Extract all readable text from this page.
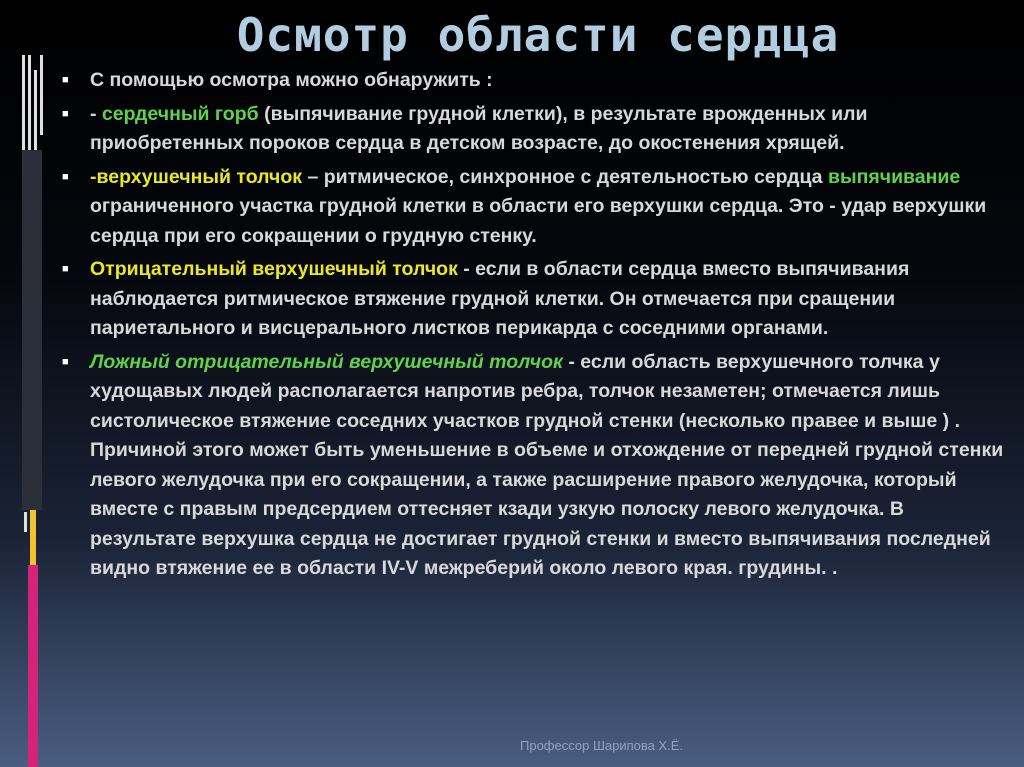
Осмотр области сердца
■ С помощью осмотра можно обнаружить :
■ - сердечный горб (выпячивание грудной клетки), в результате врожденных или приобретенных пороков сердца в детском возрасте, до окостенения хрящей.
■ -верхушечный толчок – ритмическое, синхронное с деятельностью сердца выпячивание ограниченного участка грудной клетки в области его верхушки сердца. Это - удар верхушки сердца при его сокращении о грудную стенку.
■ Отрицательный верхушечный толчок - если в области сердца вместо выпячивания наблюдается ритмическое втяжение грудной клетки. Он отмечается при сращении париетального и висцерального листков перикарда с соседними органами.
■ Ложный отрицательный верхушечный толчок - если область верхушечного толчка у худощавых людей располагается напротив ребра, толчок незаметен; отмечается лишь систолическое втяжение соседних участков грудной стенки (несколько правее и выше ) . Причиной этого может быть уменьшение в объеме и отхождение от передней грудной стенки левого желудочка при его сокращении, а также расширение правого желудочка, который вместе с правым предсердием оттесняет кзади узкую полоску левого желудочка. В результате верхушка сердца не достигает грудной стенки и вместо выпячивания последней видно втяжение ее в области IV-V межреберий около левого края. грудины. .
Профессор Шарипова Х.Ё.
